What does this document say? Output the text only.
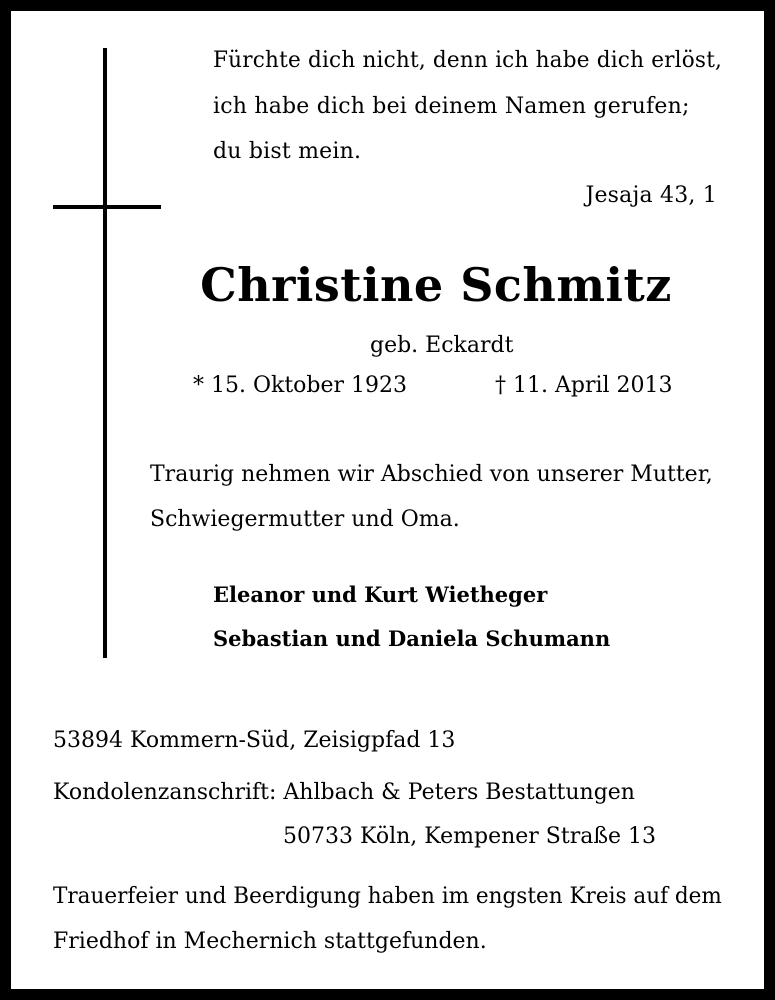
Fürchte dich nicht, denn ich habe dich erlöst,
ich habe dich bei deinem Namen gerufen;
du bist mein.
Jesaja 43, 1
Christine Schmitz
geb. Eckardt
* 15. Oktober 1923	† 11. April 2013
Traurig nehmen wir Abschied von unserer Mutter,
Schwiegermutter und Oma.
Eleanor und Kurt Wietheger
Sebastian und Daniela Schumann
53894 Kommern-Süd, Zeisigpfad 13
Kondolenzanschrift: Ahlbach & Peters Bestattungen
50733 Köln, Kempener Straße 13
Trauerfeier und Beerdigung haben im engsten Kreis auf dem
Friedhof in Mechernich stattgefunden.
